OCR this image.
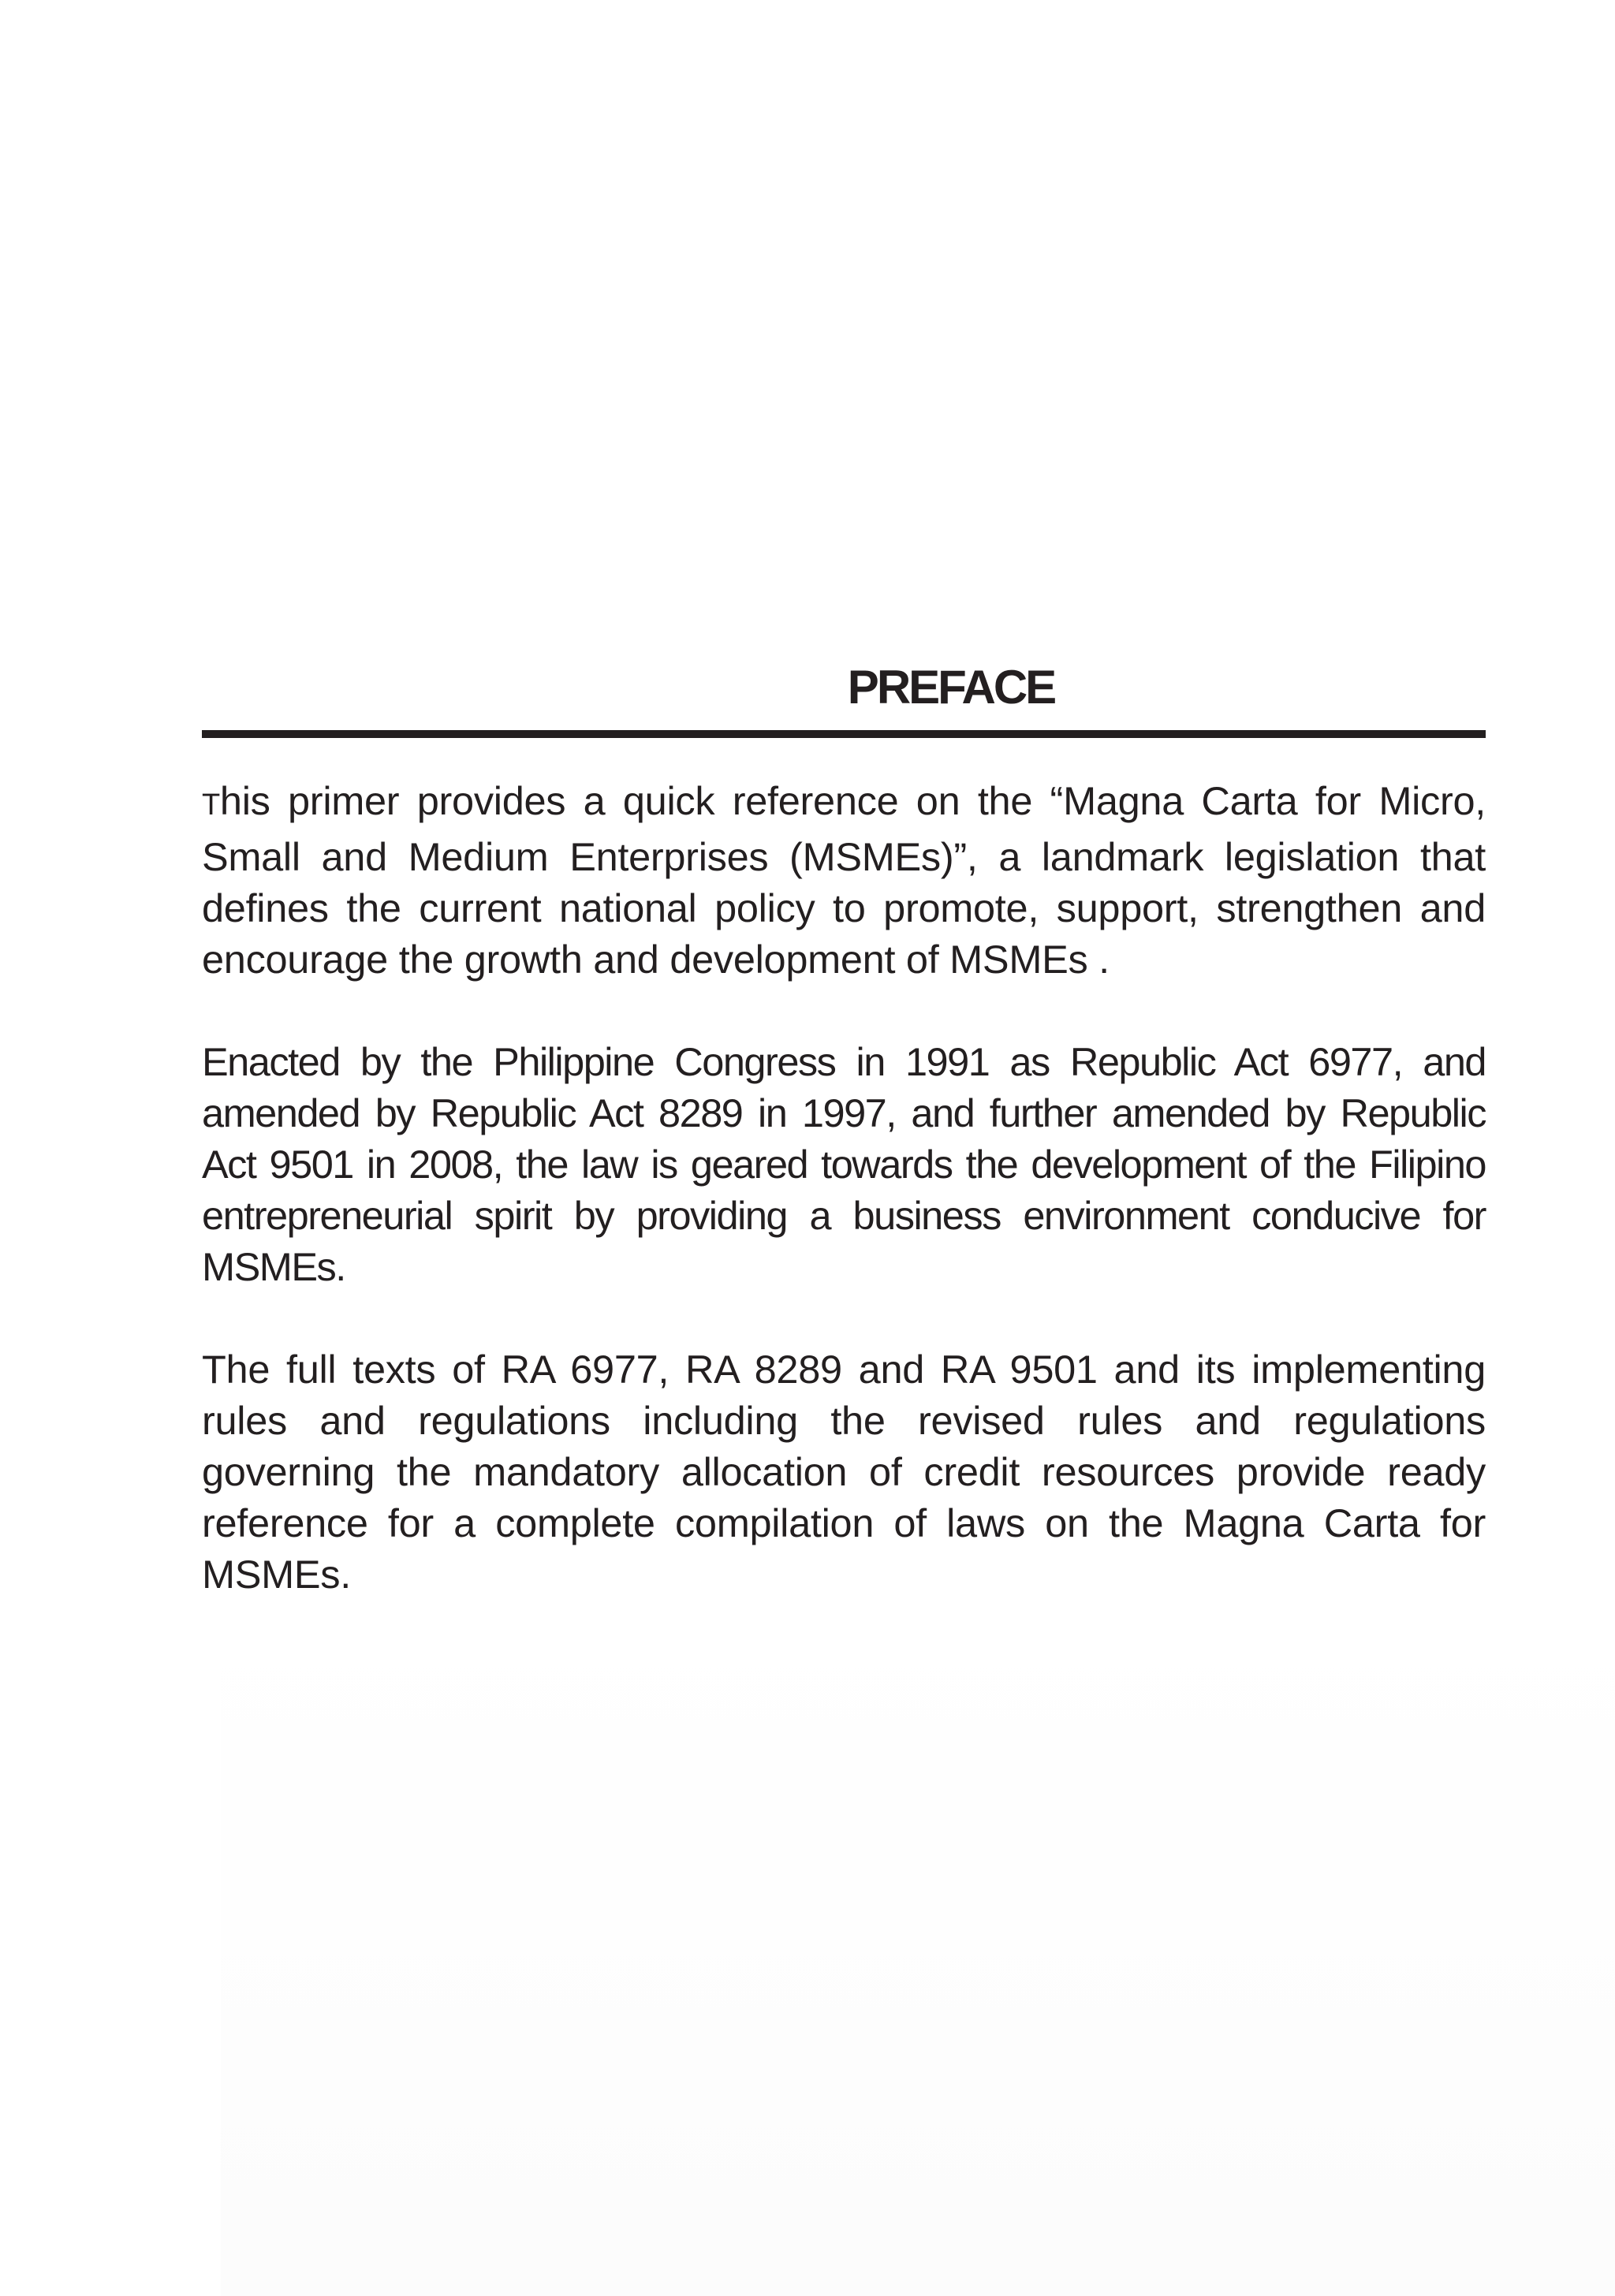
PREFACE

This primer provides a quick reference on the “Magna Carta for Micro, Small and Medium Enterprises (MSMEs)”, a landmark legislation that defines the current national policy to promote, support, strengthen and encourage the growth and development of MSMEs .

Enacted by the Philippine Congress in 1991 as Republic Act 6977, and amended by Republic Act 8289 in 1997, and further amended by Republic Act 9501 in 2008, the law is geared towards the development of the Filipino entrepreneurial spirit by providing a business environment conducive for MSMEs.

The full texts of RA 6977, RA 8289 and RA 9501 and its implementing rules and regulations including the revised rules and regulations governing the mandatory allocation of credit resources provide ready reference for a complete compilation of laws on the Magna Carta for MSMEs.
